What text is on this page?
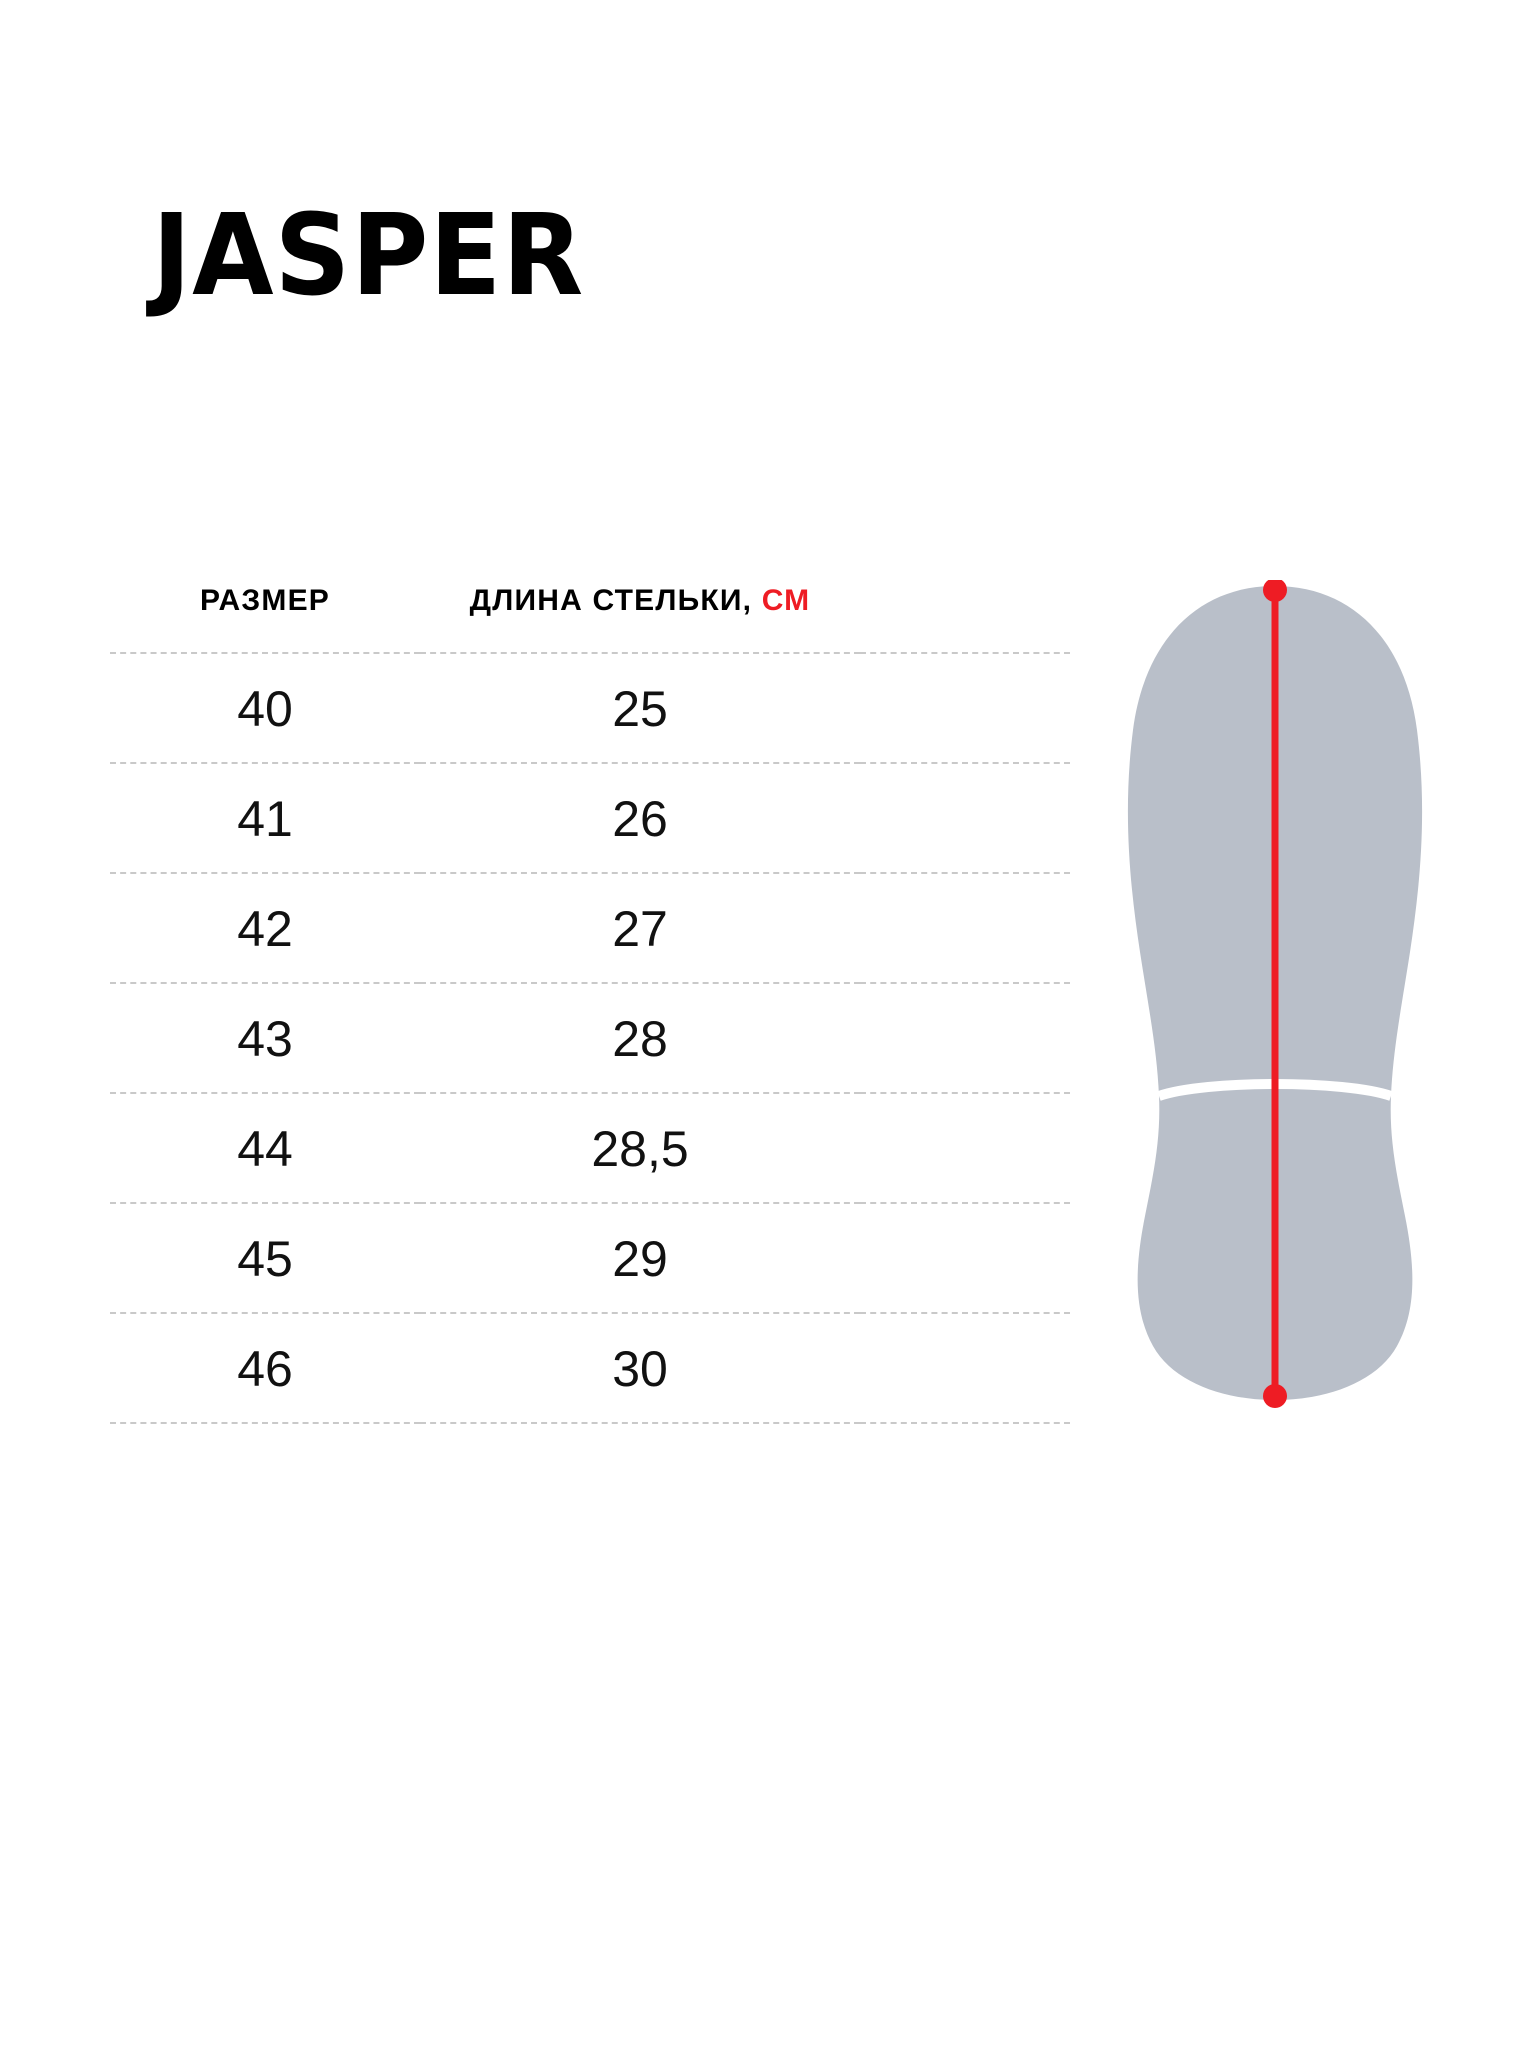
JASPER
РАЗМЕР	ДЛИНА СТЕЛЬКИ, СМ	
40	25	
41	26	
42	27	
43	28	
44	28,5	
45	29	
46	30	
